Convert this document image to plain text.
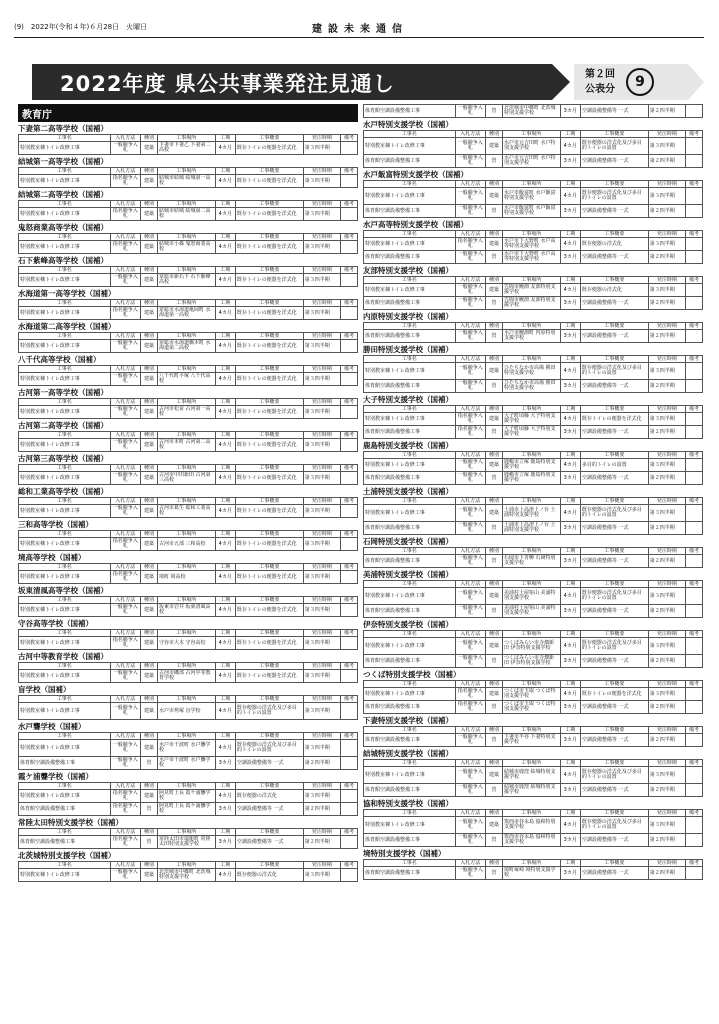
(9)　2022年(令和４年)６月28日　火曜日	建設未来通信
2022年度 県公共事業発注見通し	第２回
公表分	9
教育庁
下妻第二高等学校（国補）
工事名	入札方法	種別	工事場所	工期	工事概要	発注時期	備考
特別教室棟トイレ改修工事	一般競争入札	建築	下妻市下妻乙 下妻第二高校	4カ月	既存トイレの便器を洋式化	第３四半期	
結城第一高等学校（国補）
工事名	入札方法	種別	工事場所	工期	工事概要	発注時期	備考
特別教室棟トイレ改修工事	指名競争入札	建築	結城市結城 結城第一高校	4カ月	既存トイレの便器を洋式化	第３四半期	
結城第二高等学校（国補）
工事名	入札方法	種別	工事場所	工期	工事概要	発注時期	備考
特別教室棟トイレ改修工事	指名競争入札	建築	結城市結城 結城第二高校	4カ月	既存トイレの便器を洋式化	第３四半期	
鬼怒商業高等学校（国補）
工事名	入札方法	種別	工事場所	工期	工事概要	発注時期	備考
特別教室棟トイレ改修工事	指名競争入札	建築	結城市小森 鬼怒商業高校	4カ月	既存トイレの便器を洋式化	第３四半期	
石下紫峰高等学校（国補）
工事名	入札方法	種別	工事場所	工期	工事概要	発注時期	備考
特別教室棟トイレ改修工事	一般競争入札	建築	常総市新石下 石下紫峰高校	4カ月	既存トイレの便器を洋式化	第３四半期	
水海道第一高等学校（国補）
工事名	入札方法	種別	工事場所	工期	工事概要	発注時期	備考
特別教室棟トイレ改修工事	指名競争入札	建築	常総市水海道亀岡町 水海道第一高校	4カ月	既存トイレの便器を洋式化	第３四半期	
水海道第二高等学校（国補）
工事名	入札方法	種別	工事場所	工期	工事概要	発注時期	備考
特別教室棟トイレ改修工事	一般競争入札	建築	常総市水海道橋本町 水海道第二高校	4カ月	既存トイレの便器を洋式化	第３四半期	
八千代高等学校（国補）
工事名	入札方法	種別	工事場所	工期	工事概要	発注時期	備考
特別教室棟トイレ改修工事	一般競争入札	建築	八千代町平塚 八千代高校	4カ月	既存トイレの便器を洋式化	第３四半期	
古河第一高等学校（国補）
工事名	入札方法	種別	工事場所	工期	工事概要	発注時期	備考
特別教室棟トイレ改修工事	一般競争入札	建築	古河市松並 古河第一高校	4カ月	既存トイレの便器を洋式化	第３四半期	
古河第二高等学校（国補）
工事名	入札方法	種別	工事場所	工期	工事概要	発注時期	備考
特別教室棟トイレ改修工事	一般競争入札	建築	古河市本町 古河第二高校	4カ月	既存トイレの便器を洋式化	第３四半期	
古河第三高等学校（国補）
工事名	入札方法	種別	工事場所	工期	工事概要	発注時期	備考
特別教室棟トイレ改修工事	一般競争入札	建築	古河市中田新田 古河第三高校	4カ月	既存トイレの便器を洋式化	第３四半期	
総和工業高等学校（国補）
工事名	入札方法	種別	工事場所	工期	工事概要	発注時期	備考
特別教室棟トイレ改修工事	一般競争入札	建築	古河市葛生 総和工業高校	4カ月	既存トイレの便器を洋式化	第３四半期	
三和高等学校（国補）
工事名	入札方法	種別	工事場所	工期	工事概要	発注時期	備考
特別教室棟トイレ改修工事	指名競争入札	建築	古河市五部 三和高校	4カ月	既存トイレの便器を洋式化	第３四半期	
境高等学校（国補）
工事名	入札方法	種別	工事場所	工期	工事概要	発注時期	備考
特別教室棟トイレ改修工事	指名競争入札	建築	境町 境高校	4カ月	既存トイレの便器を洋式化	第３四半期	
坂東清風高等学校（国補）
工事名	入札方法	種別	工事場所	工期	工事概要	発注時期	備考
特別教室棟トイレ改修工事	一般競争入札	建築	坂東市岩井 坂東清風高校	4カ月	既存トイレの便器を洋式化	第３四半期	
守谷高等学校（国補）
工事名	入札方法	種別	工事場所	工期	工事概要	発注時期	備考
特別教室棟トイレ改修工事	指名競争入札	建築	守谷市大木 守谷高校	4カ月	既存トイレの便器を洋式化	第３四半期	
古河中等教育学校（国補）
工事名	入札方法	種別	工事場所	工期	工事概要	発注時期	備考
特別教室棟トイレ改修工事	一般競争入札	建築	古河市磯部 古河中等教育学校	4カ月	既存トイレの便器を洋式化	第３四半期	
盲学校（国補）
工事名	入札方法	種別	工事場所	工期	工事概要	発注時期	備考
特別教室棟トイレ改修工事	一般競争入札	建築	水戸市袴塚 盲学校	4カ月	既存便器の洋式化及び多目的トイレの設置	第３四半期	
水戸聾学校（国補）
工事名	入札方法	種別	工事場所	工期	工事概要	発注時期	備考
特別教室棟トイレ改修工事	一般競争入札	建築	水戸市千波町 水戸聾学校	4カ月	既存便器の洋式化及び多目的トイレの設置	第３四半期	
体育館空調設備整備工事	一般競争入札	管	水戸市千波町 水戸聾学校	3カ月	空調設備整備等 一式	第２四半期	
霞ケ浦聾学校（国補）
工事名	入札方法	種別	工事場所	工期	工事概要	発注時期	備考
特別教室棟トイレ改修工事	指名競争入札	建築	阿見町上長 霞ケ浦聾学校	4カ月	既存便器の洋式化	第３四半期	
体育館空調設備整備工事	指名競争入札	管	阿見町上長 霞ケ浦聾学校	3カ月	空調設備整備等 一式	第２四半期	
常陸太田特別支援学校（国補）
工事名	入札方法	種別	工事場所	工期	工事概要	発注時期	備考
体育館空調設備整備工事	指名競争入札	管	常陸太田市瑞龍町 常陸太田特別支援学校	3カ月	空調設備整備等 一式	第２四半期	
北茨城特別支援学校（国補）
工事名	入札方法	種別	工事場所	工期	工事概要	発注時期	備考
特別教室棟トイレ改修工事	一般競争入札	建築	北茨城市中郷町 北茨城特別支援学校	4カ月	既存便器の洋式化	第３四半期	
体育館空調設備整備工事	一般競争入札	管	北茨城市中郷町 北茨城特別支援学校	3カ月	空調設備整備等 一式	第２四半期	
水戸特別支援学校（国補）
工事名	入札方法	種別	工事場所	工期	工事概要	発注時期	備考
特別教室棟トイレ改修工事	一般競争入札	建築	水戸市元吉田町 水戸特別支援学校	4カ月	既存便器の洋式化及び多目的トイレの設置	第３四半期	
体育館空調設備整備工事	一般競争入札	管	水戸市元吉田町 水戸特別支援学校	3カ月	空調設備整備等 一式	第２四半期	
水戸飯富特別支援学校（国補）
工事名	入札方法	種別	工事場所	工期	工事概要	発注時期	備考
特別教室棟トイレ改修工事	一般競争入札	建築	水戸市飯富町 水戸飯富特別支援学校	4カ月	既存便器の洋式化及び多目的トイレの設置	第３四半期	
体育館空調設備整備工事	一般競争入札	管	水戸市飯富町 水戸飯富特別支援学校	3カ月	空調設備整備等 一式	第２四半期	
水戸高等特別支援学校（国補）
工事名	入札方法	種別	工事場所	工期	工事概要	発注時期	備考
特別教室棟トイレ改修工事	指名競争入札	建築	水戸市下大野町 水戸高等特別支援学校	4カ月	既存便器の洋式化	第３四半期	
体育館空調設備整備工事	一般競争入札	管	水戸市下大野町 水戸高等特別支援学校	3カ月	空調設備整備等 一式	第２四半期	
友部特別支援学校（国補）
工事名	入札方法	種別	工事場所	工期	工事概要	発注時期	備考
特別教室棟トイレ改修工事	一般競争入札	建築	笠間市鯉淵 友部特別支援学校	4カ月	既存便器の洋式化	第３四半期	
体育館空調設備整備工事	一般競争入札	管	笠間市鯉淵 友部特別支援学校	3カ月	空調設備整備等 一式	第２四半期	
内原特別支援学校（国補）
工事名	入札方法	種別	工事場所	工期	工事概要	発注時期	備考
体育館空調設備整備工事	一般競争入札	管	水戸市鯉淵町 内原特別支援学校	3カ月	空調設備整備等 一式	第２四半期	
勝田特別支援学校（国補）
工事名	入札方法	種別	工事場所	工期	工事概要	発注時期	備考
特別教室棟トイレ改修工事	一般競争入札	建築	ひたちなか市高場 勝田特別支援学校	4カ月	既存便器の洋式化及び多目的トイレの設置	第３四半期	
体育館空調設備整備工事	一般競争入札	管	ひたちなか市高場 勝田特別支援学校	3カ月	空調設備整備等 一式	第２四半期	
大子特別支援学校（国補）
工事名	入札方法	種別	工事場所	工期	工事概要	発注時期	備考
特別教室棟トイレ改修工事	指名競争入札	建築	大子町頃藤 大子特別支援学校	4カ月	既存トイレの便器を洋式化	第３四半期	
体育館空調設備整備工事	指名競争入札	管	大子町頃藤 大子特別支援学校	3カ月	空調設備整備等 一式	第２四半期	
鹿島特別支援学校（国補）
工事名	入札方法	種別	工事場所	工期	工事概要	発注時期	備考
特別教室棟トイレ改修工事	一般競争入札	建築	鹿嶋市立塚 鹿島特別支援学校	4カ月	多目的トイレの設置	第３四半期	
体育館空調設備整備工事	一般競争入札	管	鹿嶋市立塚 鹿島特別支援学校	3カ月	空調設備整備等 一式	第２四半期	
土浦特別支援学校（国補）
工事名	入札方法	種別	工事場所	工期	工事概要	発注時期	備考
特別教室棟トイレ改修工事	一般競争入札	建築	土浦市上高津上ノ台 土浦特別支援学校	4カ月	既存便器の洋式化及び多目的トイレの設置	第３四半期	
体育館空調設備整備工事	一般競争入札	管	土浦市上高津上ノ台 土浦特別支援学校	3カ月	空調設備整備等 一式	第２四半期	
石岡特別支援学校（国補）
工事名	入札方法	種別	工事場所	工期	工事概要	発注時期	備考
体育館空調設備整備工事	一般競争入札	管	石岡市下青柳 石岡特別支援学校	3カ月	空調設備整備等 一式	第２四半期	
美浦特別支援学校（国補）
工事名	入札方法	種別	工事場所	工期	工事概要	発注時期	備考
特別教室棟トイレ改修工事	一般競争入札	建築	美浦村土屋宿山 美浦特別支援学校	4カ月	既存便器の洋式化及び多目的トイレの設置	第３四半期	
体育館空調設備整備工事	一般競争入札	管	美浦村土屋宿山 美浦特別支援学校	3カ月	空調設備整備等 一式	第２四半期	
伊奈特別支援学校（国補）
工事名	入札方法	種別	工事場所	工期	工事概要	発注時期	備考
特別教室棟トイレ改修工事	一般競争入札	建築	つくばみらい市寺畑新田 伊奈特別支援学校	4カ月	既存便器の洋式化及び多目的トイレの設置	第３四半期	
体育館空調設備整備工事	一般競争入札	管	つくばみらい市寺畑新田 伊奈特別支援学校	3カ月	空調設備整備等 一式	第２四半期	
つくば特別支援学校（国補）
工事名	入札方法	種別	工事場所	工期	工事概要	発注時期	備考
特別教室棟トイレ改修工事	指名競争入札	建築	つくば市玉取 つくば特別支援学校	4カ月	既存トイレの便器を洋式化	第３四半期	
体育館空調設備整備工事	指名競争入札	管	つくば市玉取 つくば特別支援学校	3カ月	空調設備整備等 一式	第２四半期	
下妻特別支援学校（国補）
工事名	入札方法	種別	工事場所	工期	工事概要	発注時期	備考
体育館空調設備整備工事	一般競争入札	管	下妻市半谷 下妻特別支援学校	3カ月	空調設備整備等 一式	第２四半期	
結城特別支援学校（国補）
工事名	入札方法	種別	工事場所	工期	工事概要	発注時期	備考
特別教室棟トイレ改修工事	一般競争入札	建築	結城市鹿窪 結城特別支援学校	4カ月	既存便器の洋式化及び多目的トイレの設置	第３四半期	
体育館空調設備整備工事	一般競争入札	管	結城市鹿窪 結城特別支援学校	3カ月	空調設備整備等 一式	第２四半期	
協和特別支援学校（国補）
工事名	入札方法	種別	工事場所	工期	工事概要	発注時期	備考
特別教室棟トイレ改修工事	一般競争入札	建築	筑西市谷永島 協和特別支援学校	4カ月	既存便器の洋式化及び多目的トイレの設置	第３四半期	
体育館空調設備整備工事	一般競争入札	管	筑西市谷永島 協和特別支援学校	3カ月	空調設備整備等 一式	第２四半期	
境特別支援学校（国補）
工事名	入札方法	種別	工事場所	工期	工事概要	発注時期	備考
体育館空調設備整備工事	一般競争入札	管	境町塚崎 境特別支援学校	3カ月	空調設備整備等 一式	第２四半期	
